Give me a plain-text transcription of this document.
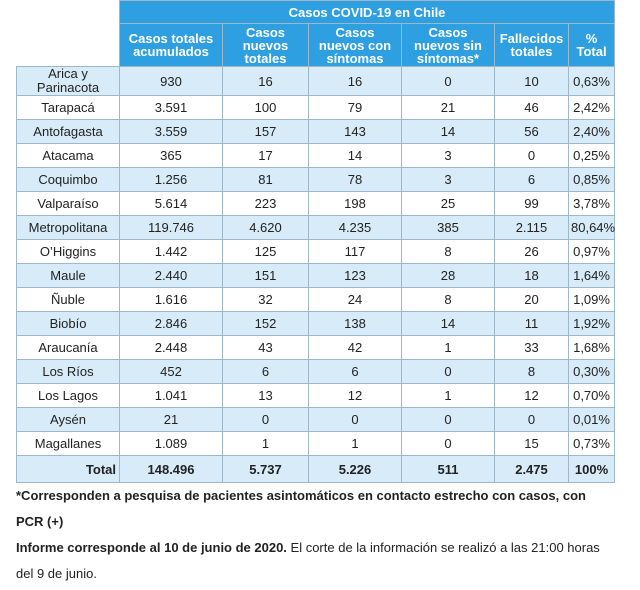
	Casos COVID-19 en Chile					
	Casos totales acumulados	Casos nuevos totales	Casos nuevos con síntomas	Casos nuevos sin síntomas*	Fallecidos totales	% Total
Arica y Parinacota	930	16	16	0	10	0,63%
Tarapacá	3.591	100	79	21	46	2,42%
Antofagasta	3.559	157	143	14	56	2,40%
Atacama	365	17	14	3	0	0,25%
Coquimbo	1.256	81	78	3	6	0,85%
Valparaíso	5.614	223	198	25	99	3,78%
Metropolitana	119.746	4.620	4.235	385	2.115	80,64%
O’Higgins	1.442	125	117	8	26	0,97%
Maule	2.440	151	123	28	18	1,64%
Ñuble	1.616	32	24	8	20	1,09%
Biobío	2.846	152	138	14	11	1,92%
Araucanía	2.448	43	42	1	33	1,68%
Los Ríos	452	6	6	0	8	0,30%
Los Lagos	1.041	13	12	1	12	0,70%
Aysén	21	0	0	0	0	0,01%
Magallanes	1.089	1	1	0	15	0,73%
Total	148.496	5.737	5.226	511	2.475	100%

*Corresponden a pesquisa de pacientes asintomáticos en contacto estrecho con casos, con PCR (+)

Informe corresponde al 10 de junio de 2020. El corte de la información se realizó a las 21:00 horas del 9 de junio.
